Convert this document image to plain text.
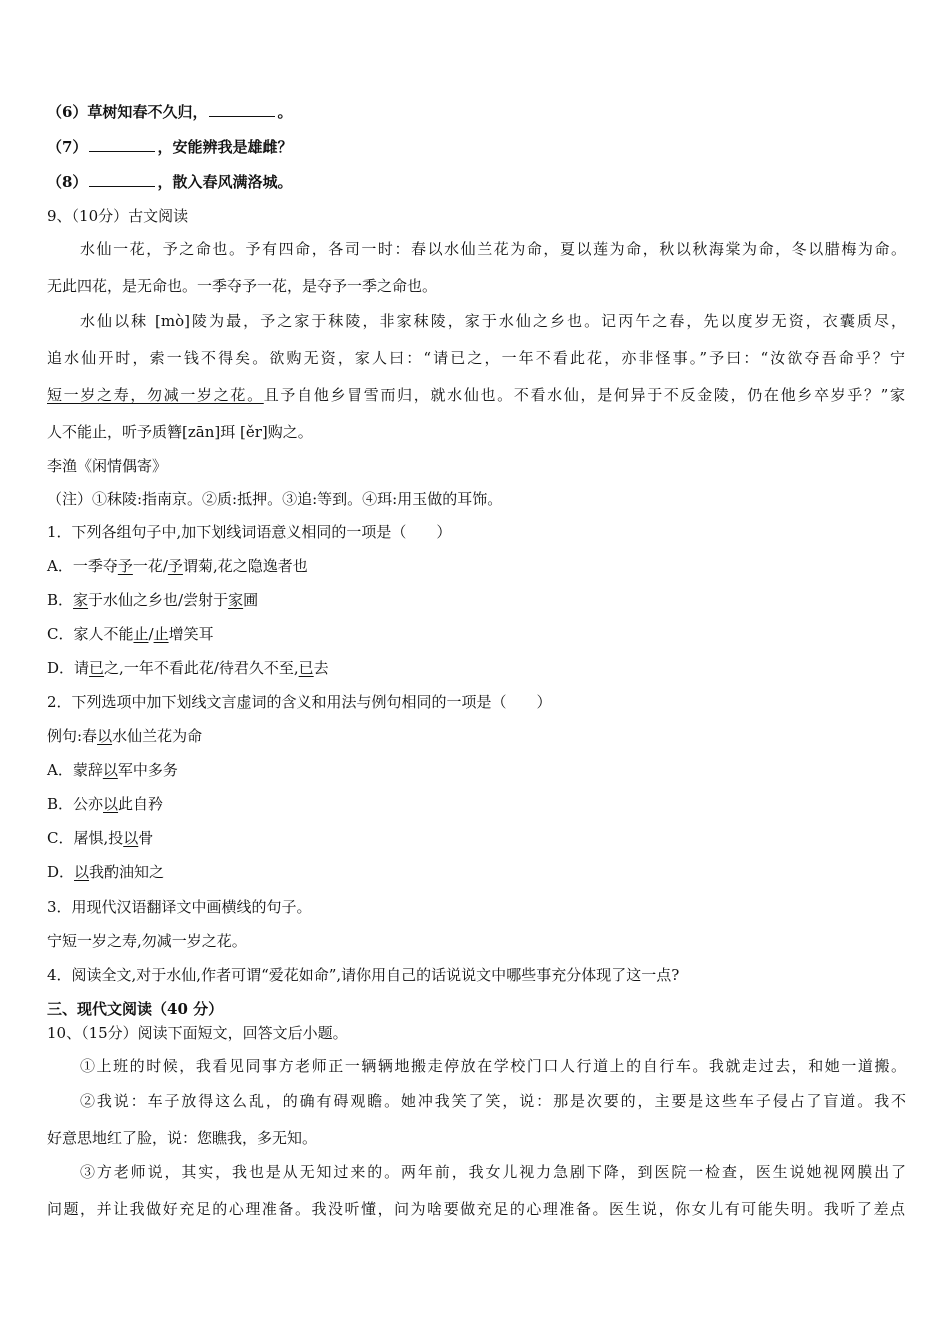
（6）草树知春不久归，	。
（7）	，安能辨我是雄雌？
（8）	，散入春风满洛城。
9、（10分）古文阅读
水仙一花，予之命也。予有四命，各司一时：春以水仙兰花为命，夏以莲为命，秋以秋海棠为命，冬以腊梅为命。
无此四花，是无命也。一季夺予一花，是夺予一季之命也。
水仙以秣 [mò]陵为最，予之家于秣陵，非家秣陵，家于水仙之乡也。记丙午之春，先以度岁无资，衣囊质尽，
追水仙开时，索一钱不得矣。欲购无资，家人曰：“请已之，一年不看此花，亦非怪事。”予曰：“汝欲夺吾命乎？宁
短一岁之寿，勿减一岁之花。且予自他乡冒雪而归，就水仙也。不看水仙，是何异于不反金陵，仍在他乡卒岁乎？”家
人不能止，听予质簪[zān]珥 [ěr]购之。
李渔《闲情偶寄》
（注）①秣陵:指南京。②质:抵押。③追:等到。④珥:用玉做的耳饰。
1．下列各组句子中,加下划线词语意义相同的一项是（　　）
A．一季夺予一花/予谓菊,花之隐逸者也
B．家于水仙之乡也/尝射于家圃
C．家人不能止/止增笑耳
D．请已之,一年不看此花/待君久不至,已去
2．下列选项中加下划线文言虚词的含义和用法与例句相同的一项是（　　）
例句:春以水仙兰花为命
A．蒙辞以军中多务
B．公亦以此自矜
C．屠惧,投以骨
D．以我酌油知之
3．用现代汉语翻译文中画横线的句子。
宁短一岁之寿,勿减一岁之花。
4．阅读全文,对于水仙,作者可谓“爱花如命”,请你用自己的话说说文中哪些事充分体现了这一点?
三、现代文阅读（40 分）
10、（15分）阅读下面短文，回答文后小题。
①上班的时候，我看见同事方老师正一辆辆地搬走停放在学校门口人行道上的自行车。我就走过去，和她一道搬。
②我说：车子放得这么乱，的确有碍观瞻。她冲我笑了笑，说：那是次要的，主要是这些车子侵占了盲道。我不
好意思地红了脸，说：您瞧我，多无知。
③方老师说，其实，我也是从无知过来的。两年前，我女儿视力急剧下降，到医院一检查，医生说她视网膜出了
问题，并让我做好充足的心理准备。我没听懂，问为啥要做充足的心理准备。医生说，你女儿有可能失明。我听了差点
